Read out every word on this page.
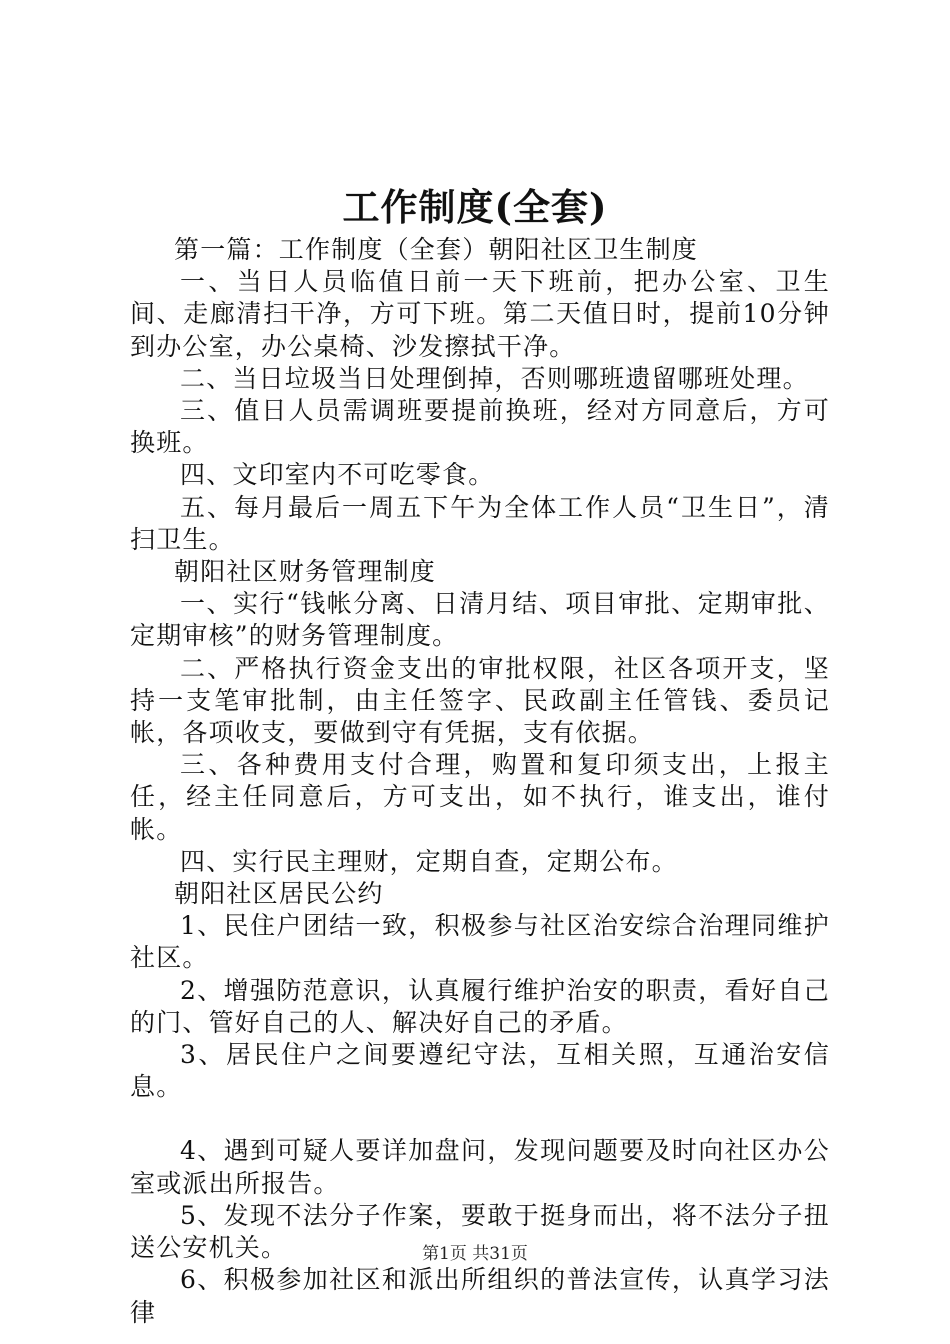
工作制度(全套)

第一篇：工作制度（全套）朝阳社区卫生制度

一、当日人员临值日前一天下班前，把办公室、卫生间、走廊清扫干净，方可下班。第二天值日时，提前10分钟到办公室，办公桌椅、沙发擦拭干净。

二、当日垃圾当日处理倒掉，否则哪班遗留哪班处理。

三、值日人员需调班要提前换班，经对方同意后，方可换班。

四、文印室内不可吃零食。

五、每月最后一周五下午为全体工作人员“卫生日”，清扫卫生。

朝阳社区财务管理制度

一、实行“钱帐分离、日清月结、项目审批、定期审批、定期审核”的财务管理制度。

二、严格执行资金支出的审批权限，社区各项开支，坚持一支笔审批制，由主任签字、民政副主任管钱、委员记帐，各项收支，要做到守有凭据，支有依据。

三、各种费用支付合理，购置和复印须支出，上报主任，经主任同意后，方可支出，如不执行，谁支出，谁付帐。

四、实行民主理财，定期自查，定期公布。

朝阳社区居民公约

1、民住户团结一致，积极参与社区治安综合治理同维护社区。

2、增强防范意识，认真履行维护治安的职责，看好自己的门、管好自己的人、解决好自己的矛盾。

3、居民住户之间要遵纪守法，互相关照，互通治安信息。

4、遇到可疑人要详加盘问，发现问题要及时向社区办公室或派出所报告。

5、发现不法分子作案，要敢于挺身而出，将不法分子扭送公安机关。

6、积极参加社区和派出所组织的普法宣传，认真学习法律

第1页 共31页
